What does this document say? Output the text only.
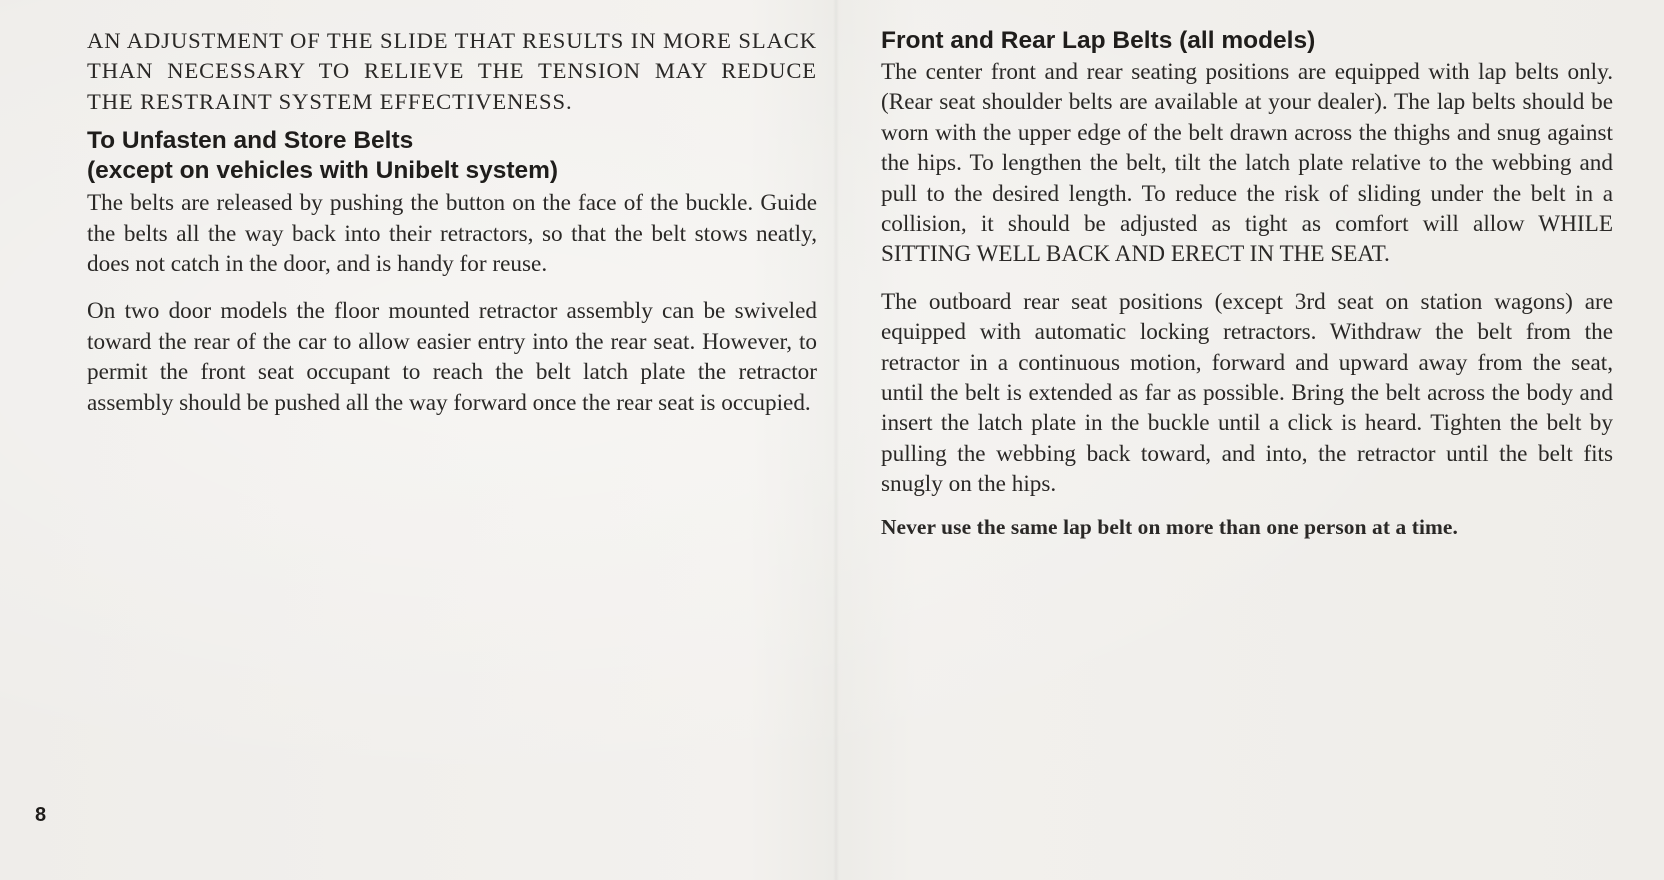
AN ADJUSTMENT OF THE SLIDE THAT RESULTS IN MORE SLACK THAN NECESSARY TO RELIEVE THE TENSION MAY REDUCE THE RESTRAINT SYSTEM EFFECTIVENESS.

To Unfasten and Store Belts
(except on vehicles with Unibelt system)

The belts are released by pushing the button on the face of the buckle. Guide the belts all the way back into their retractors, so that the belt stows neatly, does not catch in the door, and is handy for reuse.

On two door models the floor mounted retractor assembly can be swiveled toward the rear of the car to allow easier entry into the rear seat. However, to permit the front seat occupant to reach the belt latch plate the retractor assembly should be pushed all the way forward once the rear seat is occupied.

Front and Rear Lap Belts (all models)

The center front and rear seating positions are equipped with lap belts only. (Rear seat shoulder belts are available at your dealer). The lap belts should be worn with the upper edge of the belt drawn across the thighs and snug against the hips. To lengthen the belt, tilt the latch plate relative to the webbing and pull to the desired length. To reduce the risk of sliding under the belt in a collision, it should be adjusted as tight as comfort will allow WHILE SITTING WELL BACK AND ERECT IN THE SEAT.

The outboard rear seat positions (except 3rd seat on station wagons) are equipped with automatic locking retractors. Withdraw the belt from the retractor in a continuous motion, forward and upward away from the seat, until the belt is extended as far as possible. Bring the belt across the body and insert the latch plate in the buckle until a click is heard. Tighten the belt by pulling the webbing back toward, and into, the retractor until the belt fits snugly on the hips.

Never use the same lap belt on more than one person at a time.

8
